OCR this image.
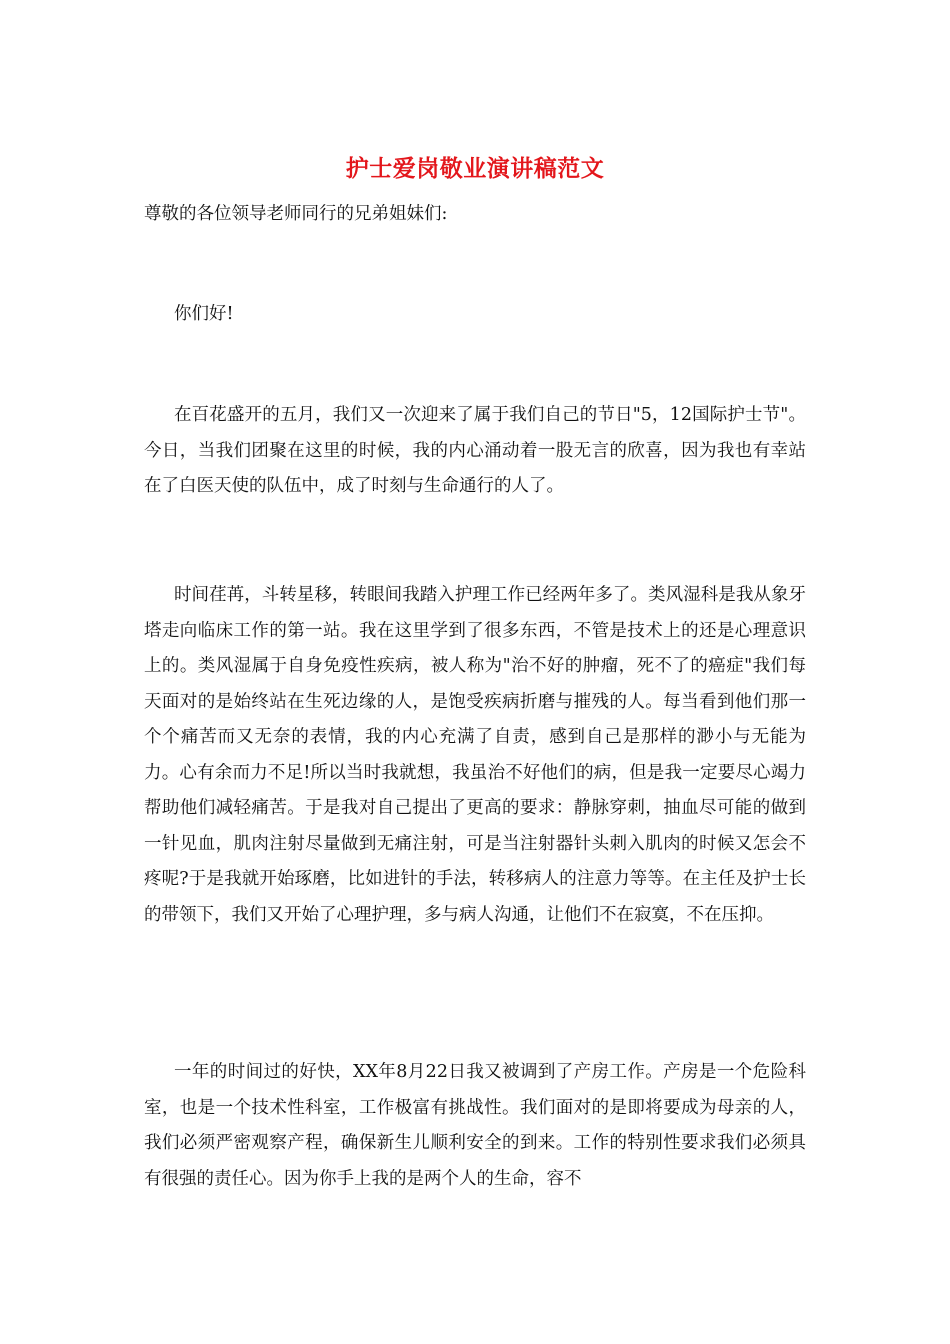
护士爱岗敬业演讲稿范文

尊敬的各位领导老师同行的兄弟姐妹们:

你们好!

在百花盛开的五月，我们又一次迎来了属于我们自己的节日"5，12国际护士节"。今日，当我们团聚在这里的时候，我的内心涌动着一股无言的欣喜，因为我也有幸站在了白医天使的队伍中，成了时刻与生命通行的人了。

时间荏苒，斗转星移，转眼间我踏入护理工作已经两年多了。类风湿科是我从象牙塔走向临床工作的第一站。我在这里学到了很多东西，不管是技术上的还是心理意识上的。类风湿属于自身免疫性疾病，被人称为"治不好的肿瘤，死不了的癌症"我们每天面对的是始终站在生死边缘的人，是饱受疾病折磨与摧残的人。每当看到他们那一个个痛苦而又无奈的表情，我的内心充满了自责，感到自己是那样的渺小与无能为力。心有余而力不足!所以当时我就想，我虽治不好他们的病，但是我一定要尽心竭力帮助他们减轻痛苦。于是我对自己提出了更高的要求：静脉穿刺，抽血尽可能的做到一针见血，肌肉注射尽量做到无痛注射，可是当注射器针头刺入肌肉的时候又怎会不疼呢?于是我就开始琢磨，比如进针的手法，转移病人的注意力等等。在主任及护士长的带领下，我们又开始了心理护理，多与病人沟通，让他们不在寂寞，不在压抑。

一年的时间过的好快，XX年8月22日我又被调到了产房工作。产房是一个危险科室，也是一个技术性科室，工作极富有挑战性。我们面对的是即将要成为母亲的人，我们必须严密观察产程，确保新生儿顺利安全的到来。工作的特别性要求我们必须具有很强的责任心。因为你手上我的是两个人的生命，容不
